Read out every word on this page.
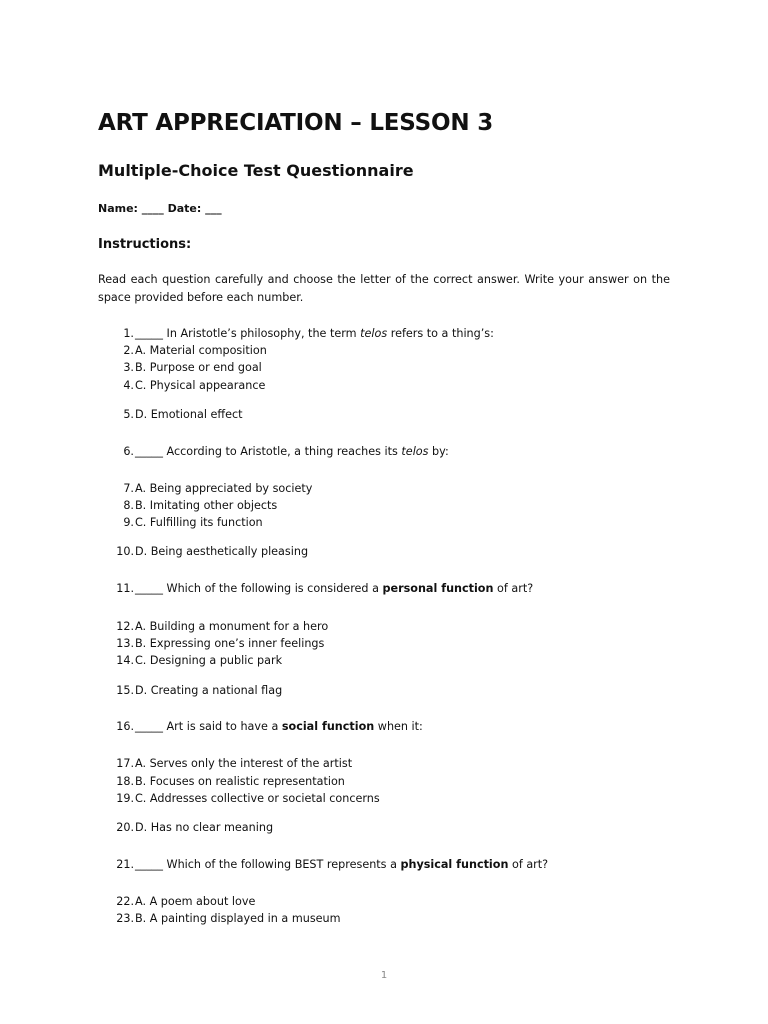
ART APPRECIATION – LESSON 3
Multiple-Choice Test Questionnaire
Name: ____ Date: ___
Instructions:

Read each question carefully and choose the letter of the correct answer. Write your answer on the space provided before each number.

1._____ In Aristotle’s philosophy, the term telos refers to a thing’s:
2.A. Material composition
3.B. Purpose or end goal
4.C. Physical appearance
5.D. Emotional effect
6._____ According to Aristotle, a thing reaches its telos by:
7.A. Being appreciated by society
8.B. Imitating other objects
9.C. Fulfilling its function
10.D. Being aesthetically pleasing
11._____ Which of the following is considered a personal function of art?
12.A. Building a monument for a hero
13.B. Expressing one’s inner feelings
14.C. Designing a public park
15.D. Creating a national flag
16._____ Art is said to have a social function when it:
17.A. Serves only the interest of the artist
18.B. Focuses on realistic representation
19.C. Addresses collective or societal concerns
20.D. Has no clear meaning
21._____ Which of the following BEST represents a physical function of art?
22.A. A poem about love
23.B. A painting displayed in a museum
1
